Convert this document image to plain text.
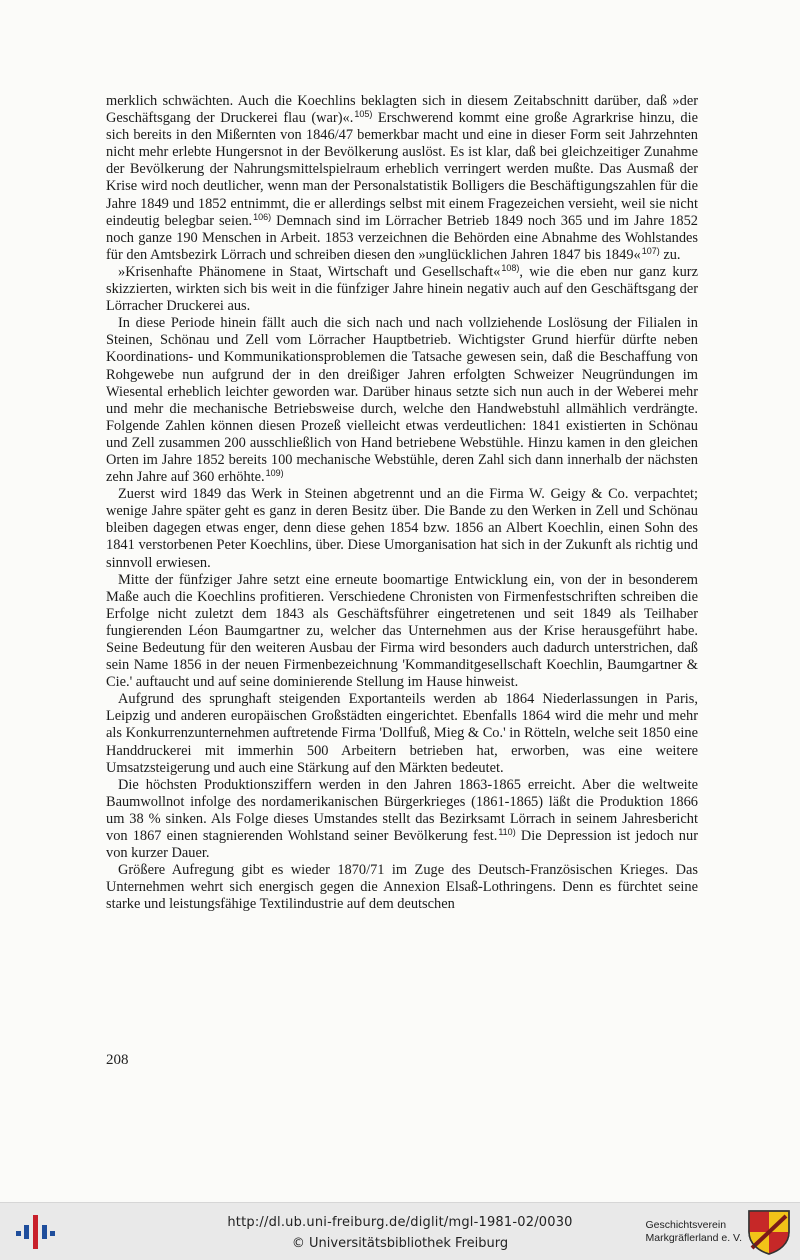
merklich schwächten. Auch die Koechlins beklagten sich in diesem Zeitabschnitt darüber, daß »der Geschäftsgang der Druckerei flau (war)«.$^{105)}$ Erschwerend kommt eine große Agrarkrise hinzu, die sich bereits in den Mißernten von 1846/47 bemerkbar macht und eine in dieser Form seit Jahrzehnten nicht mehr erlebte Hungersnot in der Bevölkerung auslöst. Es ist klar, daß bei gleichzeitiger Zunahme der Bevölkerung der Nahrungsmittelspielraum erheblich verringert werden mußte. Das Ausmaß der Krise wird noch deutlicher, wenn man der Personalstatistik Bolligers die Beschäftigungszahlen für die Jahre 1849 und 1852 entnimmt, die er allerdings selbst mit einem Fragezeichen versieht, weil sie nicht eindeutig belegbar seien.$^{106)}$ Demnach sind im Lörracher Betrieb 1849 noch 365 und im Jahre 1852 noch ganze 190 Menschen in Arbeit. 1853 verzeichnen die Behörden eine Abnahme des Wohlstandes für den Amtsbezirk Lörrach und schreiben diesen den »unglücklichen Jahren 1847 bis 1849«$^{107)}$ zu.

»Krisenhafte Phänomene in Staat, Wirtschaft und Gesellschaft«$^{108)}$, wie die eben nur ganz kurz skizzierten, wirkten sich bis weit in die fünfziger Jahre hinein negativ auch auf den Geschäftsgang der Lörracher Druckerei aus.

In diese Periode hinein fällt auch die sich nach und nach vollziehende Loslösung der Filialen in Steinen, Schönau und Zell vom Lörracher Hauptbetrieb. Wichtigster Grund hierfür dürfte neben Koordinations- und Kommunikationsproblemen die Tatsache gewesen sein, daß die Beschaffung von Rohgewebe nun aufgrund der in den dreißiger Jahren erfolgten Schweizer Neugründungen im Wiesental erheblich leichter geworden war. Darüber hinaus setzte sich nun auch in der Weberei mehr und mehr die mechanische Betriebsweise durch, welche den Handwebstuhl allmählich verdrängte. Folgende Zahlen können diesen Prozeß vielleicht etwas verdeutlichen: 1841 existierten in Schönau und Zell zusammen 200 ausschließlich von Hand betriebene Webstühle. Hinzu kamen in den gleichen Orten im Jahre 1852 bereits 100 mechanische Webstühle, deren Zahl sich dann innerhalb der nächsten zehn Jahre auf 360 erhöhte.$^{109)}$

Zuerst wird 1849 das Werk in Steinen abgetrennt und an die Firma W. Geigy & Co. verpachtet; wenige Jahre später geht es ganz in deren Besitz über. Die Bande zu den Werken in Zell und Schönau bleiben dagegen etwas enger, denn diese gehen 1854 bzw. 1856 an Albert Koechlin, einen Sohn des 1841 verstorbenen Peter Koechlins, über. Diese Umorganisation hat sich in der Zukunft als richtig und sinnvoll erwiesen.

Mitte der fünfziger Jahre setzt eine erneute boomartige Entwicklung ein, von der in besonderem Maße auch die Koechlins profitieren. Verschiedene Chronisten von Firmenfestschriften schreiben die Erfolge nicht zuletzt dem 1843 als Geschäftsführer eingetretenen und seit 1849 als Teilhaber fungierenden Léon Baumgartner zu, welcher das Unternehmen aus der Krise herausgeführt habe. Seine Bedeutung für den weiteren Ausbau der Firma wird besonders auch dadurch unterstrichen, daß sein Name 1856 in der neuen Firmenbezeichnung 'Kommanditgesellschaft Koechlin, Baumgartner & Cie.' auftaucht und auf seine dominierende Stellung im Hause hinweist.

Aufgrund des sprunghaft steigenden Exportanteils werden ab 1864 Niederlassungen in Paris, Leipzig und anderen europäischen Großstädten eingerichtet. Ebenfalls 1864 wird die mehr und mehr als Konkurrenzunternehmen auftretende Firma 'Dollfuß, Mieg & Co.' in Rötteln, welche seit 1850 eine Handdruckerei mit immerhin 500 Arbeitern betrieben hat, erworben, was eine weitere Umsatzsteigerung und auch eine Stärkung auf den Märkten bedeutet.

Die höchsten Produktionsziffern werden in den Jahren 1863-1865 erreicht. Aber die weltweite Baumwollnot infolge des nordamerikanischen Bürgerkrieges (1861-1865) läßt die Produktion 1866 um 38 % sinken. Als Folge dieses Umstandes stellt das Bezirksamt Lörrach in seinem Jahresbericht von 1867 einen stagnierenden Wohlstand seiner Bevölkerung fest.$^{110)}$ Die Depression ist jedoch nur von kurzer Dauer.

Größere Aufregung gibt es wieder 1870/71 im Zuge des Deutsch-Französischen Krieges. Das Unternehmen wehrt sich energisch gegen die Annexion Elsaß-Lothringens. Denn es fürchtet seine starke und leistungsfähige Textilindustrie auf dem deutschen

208
http://dl.ub.uni-freiburg.de/diglit/mgl-1981-02/0030
© Universitätsbibliothek Freiburg
Geschichtsverein
Markgräflerland e. V.
